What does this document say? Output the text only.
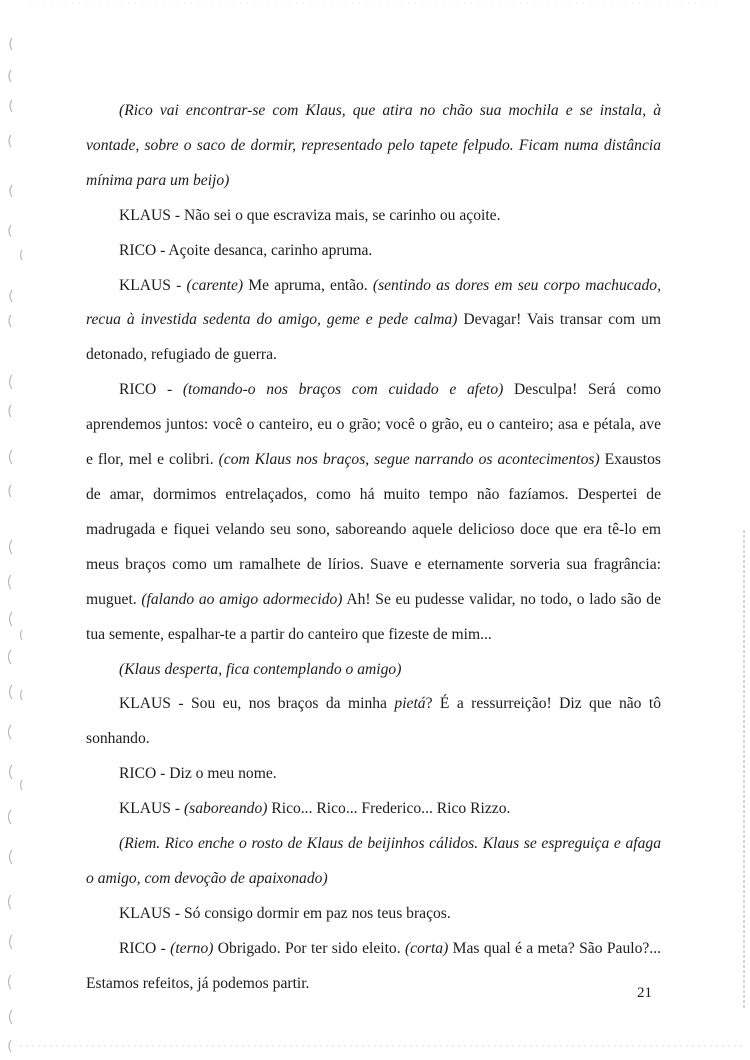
(Rico vai encontrar-se com Klaus, que atira no chão sua mochila e se instala, à vontade, sobre o saco de dormir, representado pelo tapete felpudo. Ficam numa distância mínima para um beijo)

KLAUS - Não sei o que escraviza mais, se carinho ou açoite.

RICO - Açoite desanca, carinho apruma.

KLAUS - (carente) Me apruma, então. (sentindo as dores em seu corpo machucado, recua à investida sedenta do amigo, geme e pede calma) Devagar! Vais transar com um detonado, refugiado de guerra.

RICO - (tomando-o nos braços com cuidado e afeto) Desculpa! Será como aprendemos juntos: você o canteiro, eu o grão; você o grão, eu o canteiro; asa e pétala, ave e flor, mel e colibri. (com Klaus nos braços, segue narrando os acontecimentos) Exaustos de amar, dormimos entrelaçados, como há muito tempo não fazíamos. Despertei de madrugada e fiquei velando seu sono, saboreando aquele delicioso doce que era tê-lo em meus braços como um ramalhete de lírios. Suave e eternamente sorveria sua fragrância: muguet. (falando ao amigo adormecido) Ah! Se eu pudesse validar, no todo, o lado são de tua semente, espalhar-te a partir do canteiro que fizeste de mim...

(Klaus desperta, fica contemplando o amigo)

KLAUS - Sou eu, nos braços da minha pietá? É a ressurreição! Diz que não tô sonhando.

RICO - Diz o meu nome.

KLAUS - (saboreando) Rico... Rico... Frederico... Rico Rizzo.

(Riem. Rico enche o rosto de Klaus de beijinhos cálidos. Klaus se espreguiça e afaga o amigo, com devoção de apaixonado)

KLAUS - Só consigo dormir em paz nos teus braços.

RICO - (terno) Obrigado. Por ter sido eleito. (corta) Mas qual é a meta? São Paulo?... Estamos refeitos, já podemos partir.

21
